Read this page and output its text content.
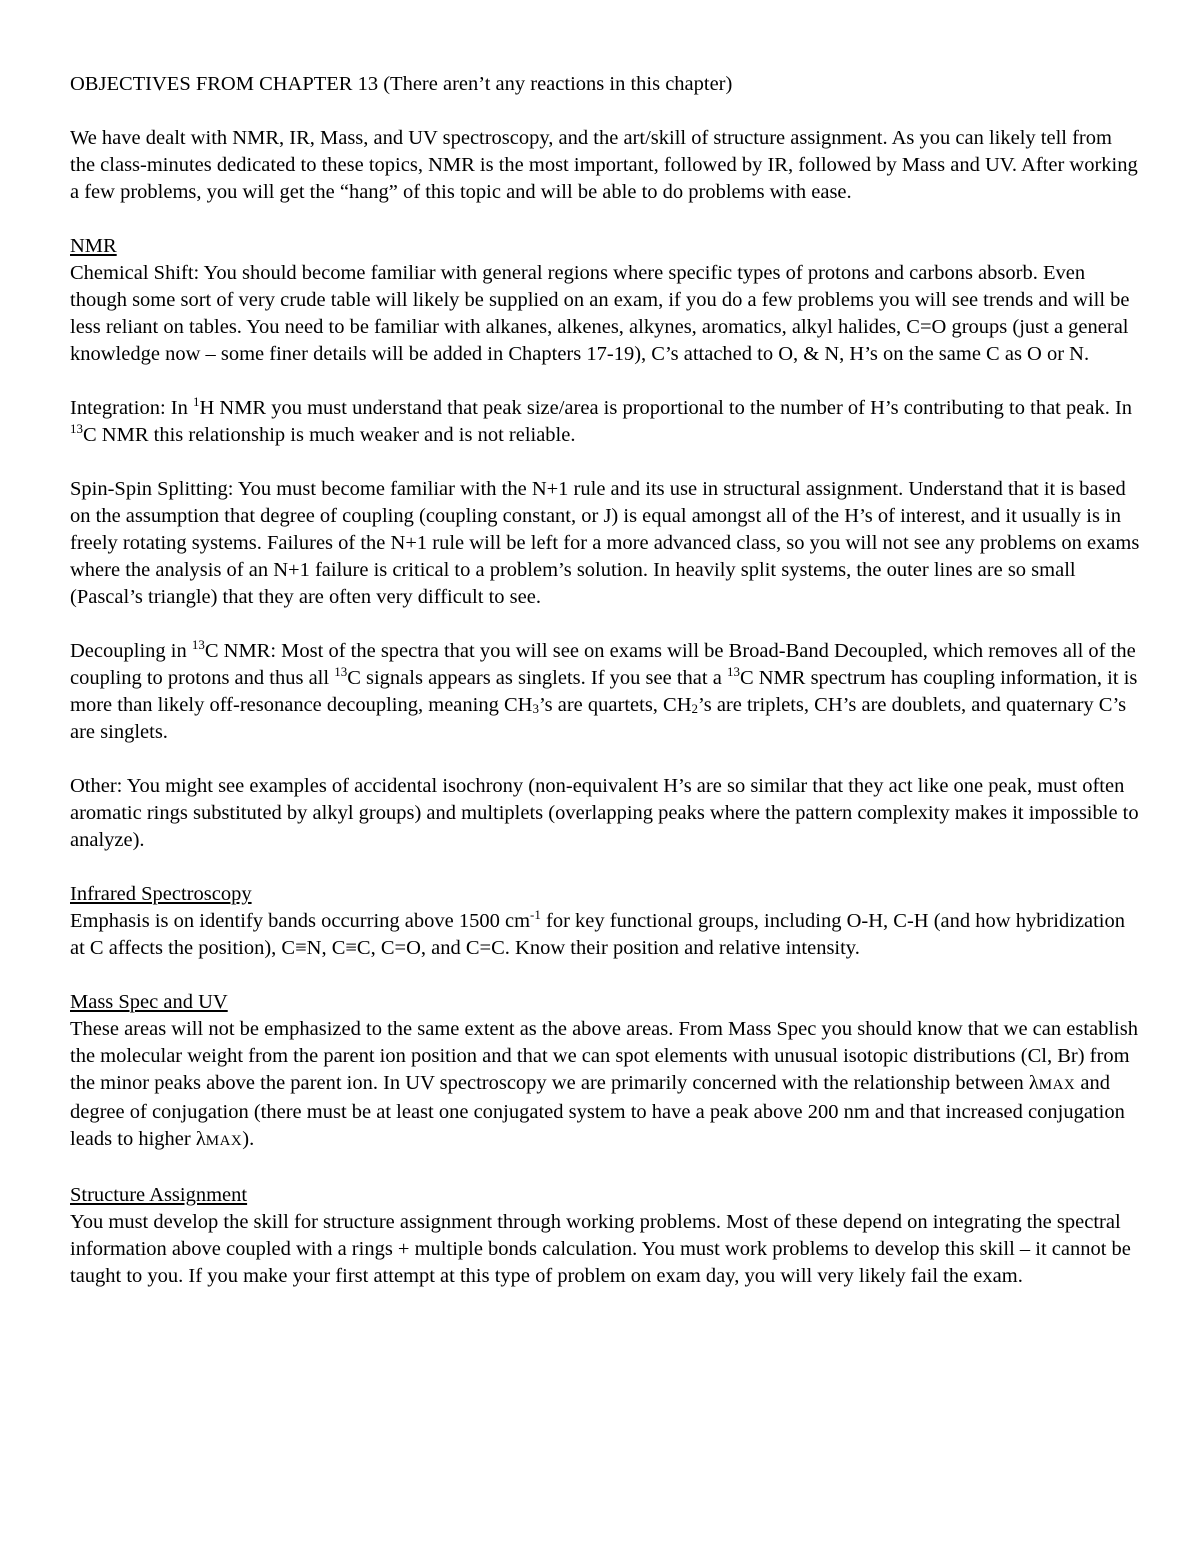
OBJECTIVES FROM CHAPTER 13 (There aren’t any reactions in this chapter)

We have dealt with NMR, IR, Mass, and UV spectroscopy, and the art/skill of structure assignment. As you can likely tell from the class-minutes dedicated to these topics, NMR is the most important, followed by IR, followed by Mass and UV. After working a few problems, you will get the “hang” of this topic and will be able to do problems with ease.

NMR

Chemical Shift: You should become familiar with general regions where specific types of protons and carbons absorb. Even though some sort of very crude table will likely be supplied on an exam, if you do a few problems you will see trends and will be less reliant on tables. You need to be familiar with alkanes, alkenes, alkynes, aromatics, alkyl halides, C=O groups (just a general knowledge now – some finer details will be added in Chapters 17-19), C’s attached to O, & N, H’s on the same C as O or N.

Integration: In $^1$H NMR you must understand that peak size/area is proportional to the number of H’s contributing to that peak. In $^{13}$C NMR this relationship is much weaker and is not reliable.

Spin-Spin Splitting: You must become familiar with the N+1 rule and its use in structural assignment. Understand that it is based on the assumption that degree of coupling (coupling constant, or J) is equal amongst all of the H’s of interest, and it usually is in freely rotating systems. Failures of the N+1 rule will be left for a more advanced class, so you will not see any problems on exams where the analysis of an N+1 failure is critical to a problem’s solution. In heavily split systems, the outer lines are so small (Pascal’s triangle) that they are often very difficult to see.

Decoupling in $^{13}$C NMR: Most of the spectra that you will see on exams will be Broad-Band Decoupled, which removes all of the coupling to protons and thus all $^{13}$C signals appears as singlets. If you see that a $^{13}$C NMR spectrum has coupling information, it is more than likely off-resonance decoupling, meaning $CH_3’s$ are quartets, $CH_2’s$ are triplets, CH’s are doublets, and quaternary C’s are singlets.

Other: You might see examples of accidental isochrony (non-equivalent H’s are so similar that they act like one peak, must often aromatic rings substituted by alkyl groups) and multiplets (overlapping peaks where the pattern complexity makes it impossible to analyze).

Infrared Spectroscopy

Emphasis is on identify bands occurring above 1500 $cm^{-1}$ for key functional groups, including O-H, C-H (and how hybridization at C affects the position), C≡N, C≡C, C=O, and C=C. Know their position and relative intensity.

Mass Spec and UV

These areas will not be emphasized to the same extent as the above areas. From Mass Spec you should know that we can establish the molecular weight from the parent ion position and that we can spot elements with unusual isotopic distributions (Cl, Br) from the minor peaks above the parent ion. In UV spectroscopy we are primarily concerned with the relationship between λMAX and degree of conjugation (there must be at least one conjugated system to have a peak above 200 nm and that increased conjugation leads to higher λMAX).

Structure Assignment

You must develop the skill for structure assignment through working problems. Most of these depend on integrating the spectral information above coupled with a rings + multiple bonds calculation. You must work problems to develop this skill – it cannot be taught to you. If you make your first attempt at this type of problem on exam day, you will very likely fail the exam.
